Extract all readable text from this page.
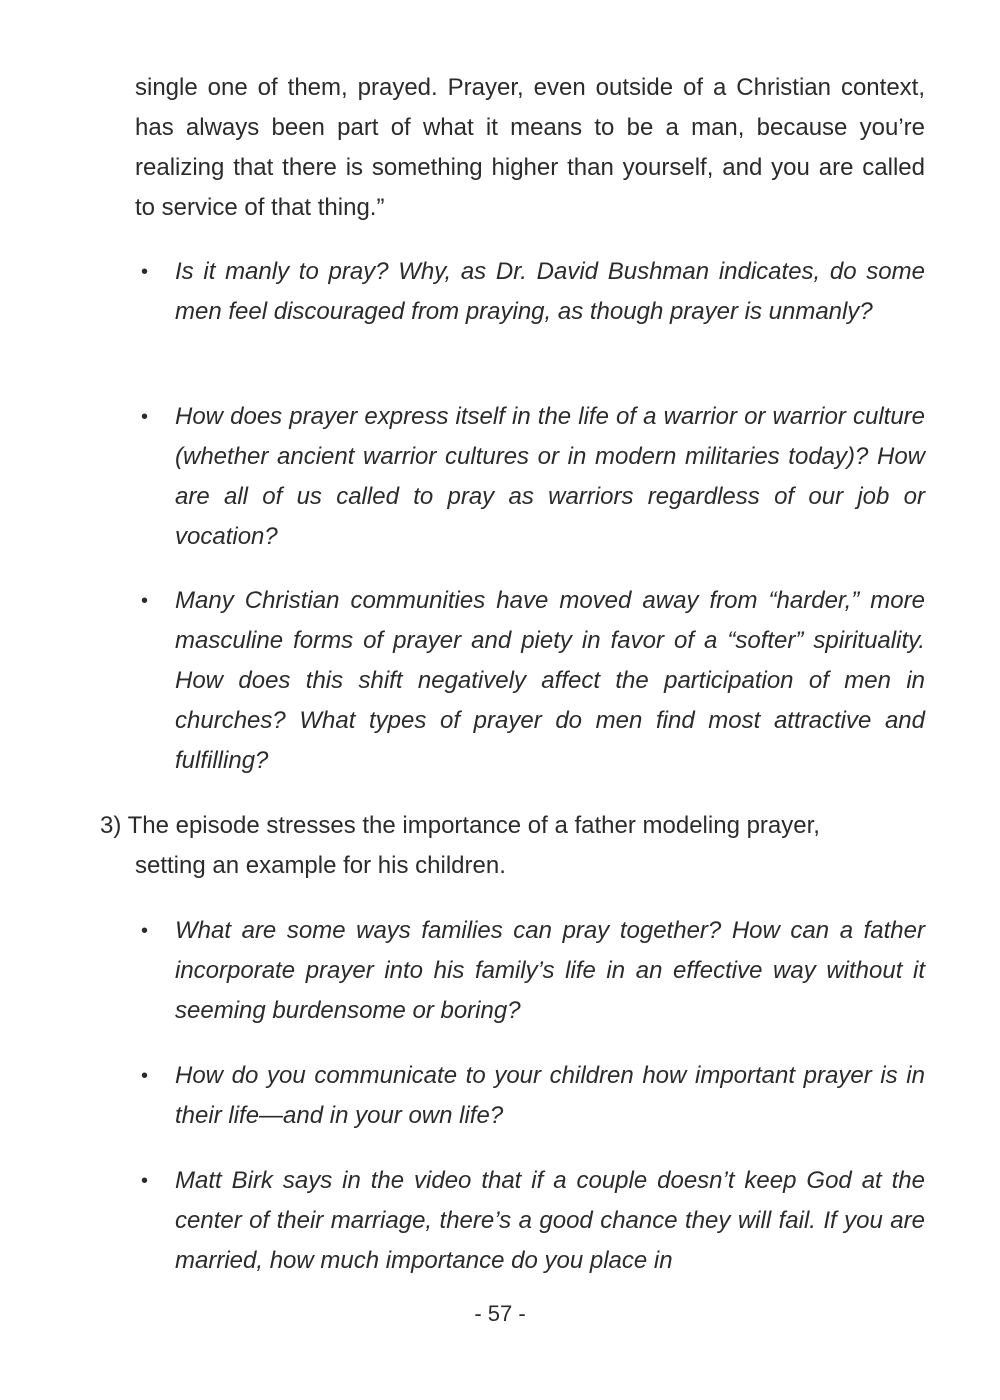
single one of them, prayed. Prayer, even outside of a Christian context, has always been part of what it means to be a man, because you’re realizing that there is something higher than yourself, and you are called to service of that thing.”

• Is it manly to pray? Why, as Dr. David Bushman indicates, do some men feel discouraged from praying, as though prayer is unmanly?

• How does prayer express itself in the life of a warrior or warrior culture (whether ancient warrior cultures or in modern militaries today)? How are all of us called to pray as warriors regardless of our job or vocation?

• Many Christian communities have moved away from “harder,” more masculine forms of prayer and piety in favor of a “softer” spirituality. How does this shift negatively affect the participation of men in churches? What types of prayer do men find most attractive and fulfilling?

3) The episode stresses the importance of a father modeling prayer,
setting an example for his children.
• What are some ways families can pray together? How can a father incorporate prayer into his family’s life in an effective way without it seeming burdensome or boring?

• How do you communicate to your children how important prayer is in their life—and in your own life?

• Matt Birk says in the video that if a couple doesn’t keep God at the center of their marriage, there’s a good chance they will fail. If you are married, how much importance do you place in

- 57 -
